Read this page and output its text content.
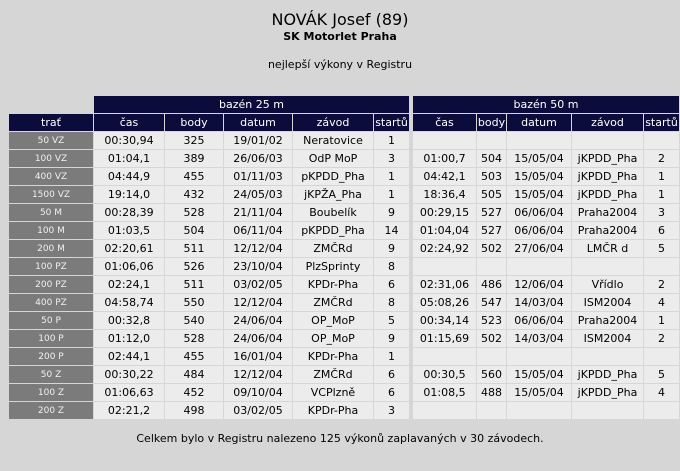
NOVÁK Josef (89)
SK Motorlet Praha
nejlepší výkony v Registru
	bazén 25 m						bazén 50 m				
trať	čas	body	datum	závod	startů		čas	body	datum	závod	startů
50 VZ	00:30,94	325	19/01/02	Neratovice	1						
100 VZ	01:04,1	389	26/06/03	OdP MoP	3		01:00,7	504	15/05/04	jKPDD_Pha	2
400 VZ	04:44,9	455	01/11/03	pKPDD_Pha	1		04:42,1	503	15/05/04	jKPDD_Pha	1
1500 VZ	19:14,0	432	24/05/03	jKPŽA_Pha	1		18:36,4	505	15/05/04	jKPDD_Pha	1
50 M	00:28,39	528	21/11/04	Boubelík	9		00:29,15	527	06/06/04	Praha2004	3
100 M	01:03,5	504	06/11/04	pKPDD_Pha	14		01:04,04	527	06/06/04	Praha2004	6
200 M	02:20,61	511	12/12/04	ZMČRd	9		02:24,92	502	27/06/04	LMČR d	5
100 PZ	01:06,06	526	23/10/04	PlzSprinty	8						
200 PZ	02:24,1	511	03/02/05	KPDr-Pha	6		02:31,06	486	12/06/04	Vřídlo	2
400 PZ	04:58,74	550	12/12/04	ZMČRd	8		05:08,26	547	14/03/04	ISM2004	4
50 P	00:32,8	540	24/06/04	OP_MoP	5		00:34,14	523	06/06/04	Praha2004	1
100 P	01:12,0	528	24/06/04	OP_MoP	9		01:15,69	502	14/03/04	ISM2004	2
200 P	02:44,1	455	16/01/04	KPDr-Pha	1						
50 Z	00:30,22	484	12/12/04	ZMČRd	6		00:30,5	560	15/05/04	jKPDD_Pha	5
100 Z	01:06,63	452	09/10/04	VCPlzně	6		01:08,5	488	15/05/04	jKPDD_Pha	4
200 Z	02:21,2	498	03/02/05	KPDr-Pha	3						
Celkem bylo v Registru nalezeno 125 výkonů zaplavaných v 30 závodech.
